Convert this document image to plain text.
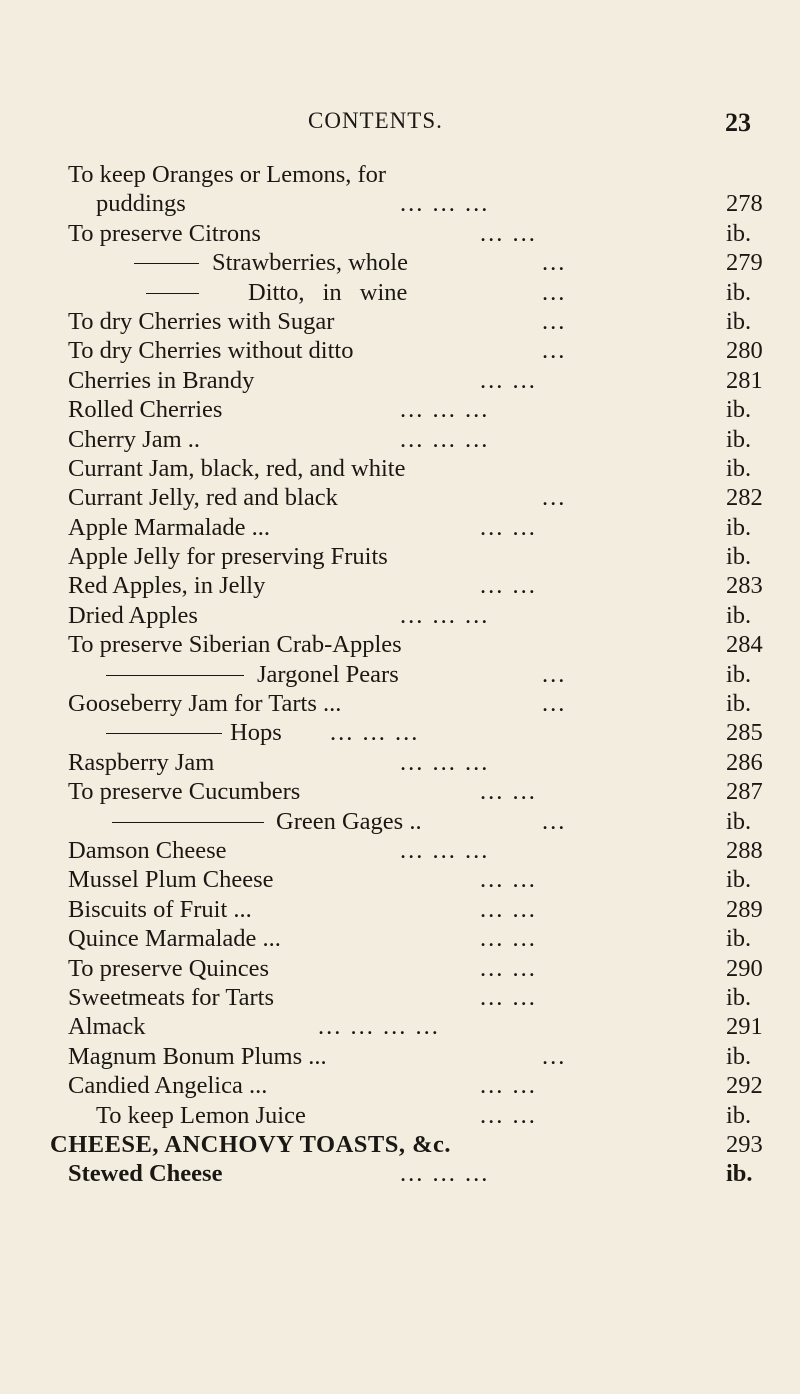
CONTENTS.	23
To keep Oranges or Lemons, for
puddings	... ... ...	278
To preserve Citrons	... ...	ib.
Strawberries, whole	...	279
Ditto, in wine	...	ib.
To dry Cherries with Sugar	...	ib.
To dry Cherries without ditto	...	280
Cherries in Brandy	... ...	281
Rolled Cherries	... ... ...	ib.
Cherry Jam ..	... ... ...	ib.
Currant Jam, black, red, and white	ib.
Currant Jelly, red and black	...	282
Apple Marmalade ...	... ...	ib.
Apple Jelly for preserving Fruits	ib.
Red Apples, in Jelly	... ...	283
Dried Apples	... ... ...	ib.
To preserve Siberian Crab-Apples	284
Jargonel Pears	...	ib.
Gooseberry Jam for Tarts ...	...	ib.
Hops ... ... ...	285
Raspberry Jam	... ... ...	286
To preserve Cucumbers	... ...	287
Green Gages ..	...	ib.
Damson Cheese	... ... ...	288
Mussel Plum Cheese	... ...	ib.
Biscuits of Fruit ...	... ...	289
Quince Marmalade ...	... ...	ib.
To preserve Quinces	... ...	290
Sweetmeats for Tarts	... ...	ib.
Almack	... ... ... ...	291
Magnum Bonum Plums ...	...	ib.
Candied Angelica ...	... ...	292
To keep Lemon Juice	... ...	ib.
CHEESE, ANCHOVY TOASTS, &c.	293
Stewed Cheese	... ... ...	ib.
